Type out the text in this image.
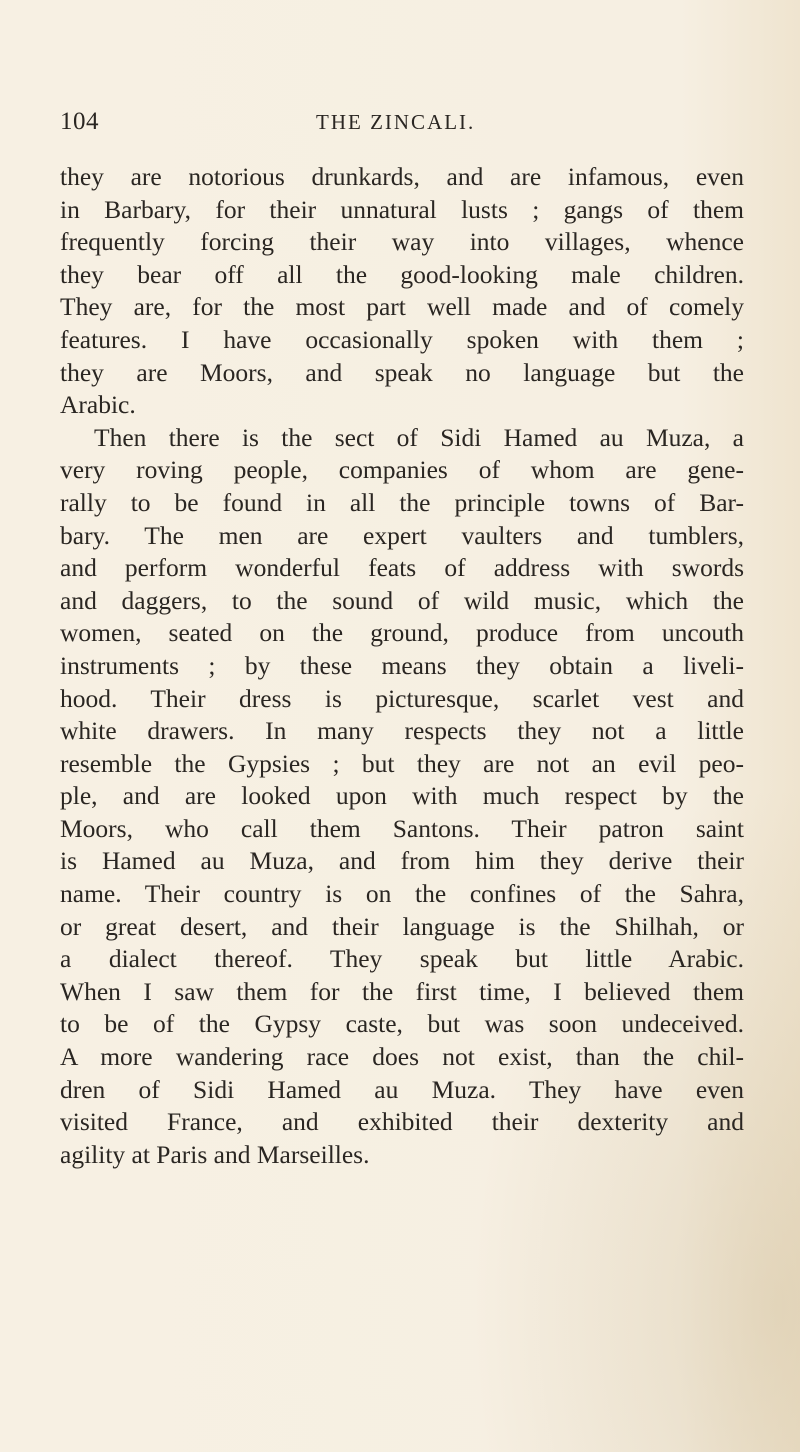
104	THE ZINCALI.
they are notorious drunkards, and are infamous, even
in Barbary, for their unnatural lusts ; gangs of them
frequently forcing their way into villages, whence
they bear off all the good-looking male children.
They are, for the most part well made and of comely
features. I have occasionally spoken with them ;
they are Moors, and speak no language but the
Arabic.
Then there is the sect of Sidi Hamed au Muza, a
very roving people, companies of whom are gene-
rally to be found in all the principle towns of Bar-
bary. The men are expert vaulters and tumblers,
and perform wonderful feats of address with swords
and daggers, to the sound of wild music, which the
women, seated on the ground, produce from uncouth
instruments ; by these means they obtain a liveli-
hood. Their dress is picturesque, scarlet vest and
white drawers. In many respects they not a little
resemble the Gypsies ; but they are not an evil peo-
ple, and are looked upon with much respect by the
Moors, who call them Santons. Their patron saint
is Hamed au Muza, and from him they derive their
name. Their country is on the confines of the Sahra,
or great desert, and their language is the Shilhah, or
a dialect thereof. They speak but little Arabic.
When I saw them for the first time, I believed them
to be of the Gypsy caste, but was soon undeceived.
A more wandering race does not exist, than the chil-
dren of Sidi Hamed au Muza. They have even
visited France, and exhibited their dexterity and
agility at Paris and Marseilles.
